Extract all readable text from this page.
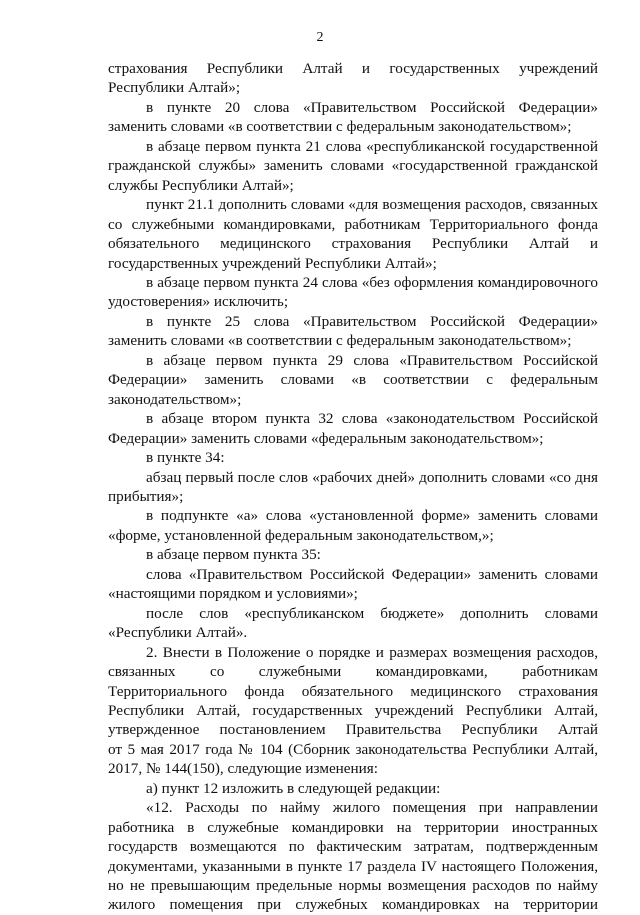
2
страхования Республики Алтай и государственных учреждений
Республики Алтай»;
в пункте 20 слова «Правительством Российской Федерации»
заменить словами «в соответствии с федеральным законодательством»;
в абзаце первом пункта 21 слова «республиканской государственной
гражданской службы» заменить словами «государственной гражданской
службы Республики Алтай»;
пункт 21.1 дополнить словами «для возмещения расходов, связанных
со служебными командировками, работникам Территориального фонда
обязательного медицинского страхования Республики Алтай и
государственных учреждений Республики Алтай»;
в абзаце первом пункта 24 слова «без оформления командировочного
удостоверения» исключить;
в пункте 25 слова «Правительством Российской Федерации»
заменить словами «в соответствии с федеральным законодательством»;
в абзаце первом пункта 29 слова «Правительством Российской
Федерации» заменить словами «в соответствии с федеральным
законодательством»;
в абзаце втором пункта 32 слова «законодательством Российской
Федерации» заменить словами «федеральным законодательством»;
в пункте 34:
абзац первый после слов «рабочих дней» дополнить словами «со дня
прибытия»;
в подпункте «а» слова «установленной форме» заменить словами
«форме, установленной федеральным законодательством,»;
в абзаце первом пункта 35:
слова «Правительством Российской Федерации» заменить словами
«настоящими порядком и условиями»;
после слов «республиканском бюджете» дополнить словами
«Республики Алтай».
2. Внести в Положение о порядке и размерах возмещения расходов,
связанных со служебными командировками, работникам
Территориального фонда обязательного медицинского страхования
Республики Алтай, государственных учреждений Республики Алтай,
утвержденное постановлением Правительства Республики Алтай
от 5 мая 2017 года № 104 (Сборник законодательства Республики Алтай,
2017, № 144(150), следующие изменения:
а) пункт 12 изложить в следующей редакции:
«12. Расходы по найму жилого помещения при направлении
работника в служебные командировки на территории иностранных
государств возмещаются по фактическим затратам, подтвержденным
документами, указанными в пункте 17 раздела IV настоящего Положения,
но не превышающим предельные нормы возмещения расходов по найму
жилого помещения при служебных командировках на территории
